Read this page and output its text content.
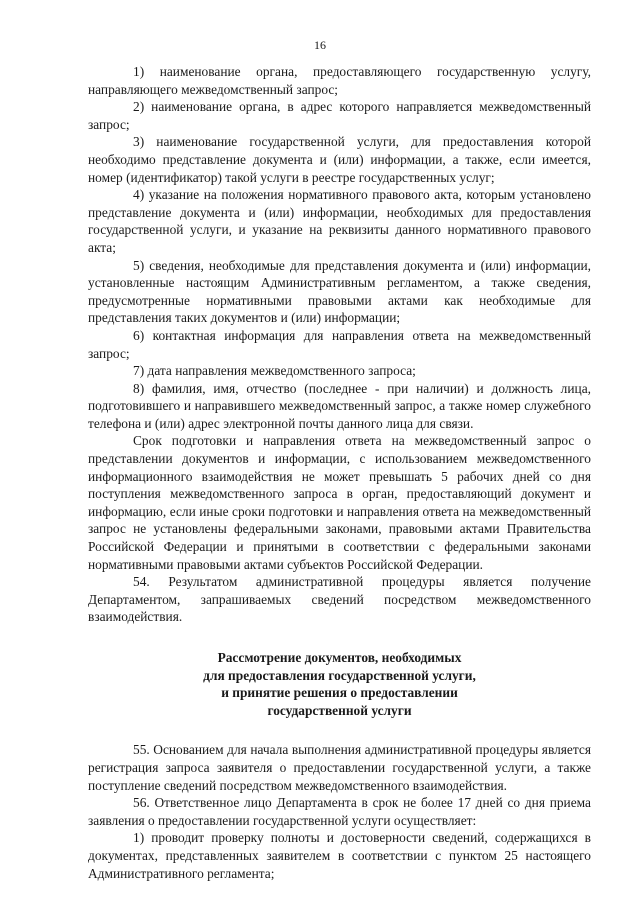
16

1) наименование органа, предоставляющего государственную услугу, направляющего межведомственный запрос;

2) наименование органа, в адрес которого направляется межведомственный запрос;

3) наименование государственной услуги, для предоставления которой необходимо представление документа и (или) информации, а также, если имеется, номер (идентификатор) такой услуги в реестре государственных услуг;

4) указание на положения нормативного правового акта, которым установлено представление документа и (или) информации, необходимых для предоставления государственной услуги, и указание на реквизиты данного нормативного правового акта;

5) сведения, необходимые для представления документа и (или) информации, установленные настоящим Административным регламентом, а также сведения, предусмотренные нормативными правовыми актами как необходимые для представления таких документов и (или) информации;

6) контактная информация для направления ответа на межведомственный запрос;

7) дата направления межведомственного запроса;

8) фамилия, имя, отчество (последнее - при наличии) и должность лица, подготовившего и направившего межведомственный запрос, а также номер служебного телефона и (или) адрес электронной почты данного лица для связи.

Срок подготовки и направления ответа на межведомственный запрос о представлении документов и информации, с использованием межведомственного информационного взаимодействия не может превышать 5 рабочих дней со дня поступления межведомственного запроса в орган, предоставляющий документ и информацию, если иные сроки подготовки и направления ответа на межведомственный запрос не установлены федеральными законами, правовыми актами Правительства Российской Федерации и принятыми в соответствии с федеральными законами нормативными правовыми актами субъектов Российской Федерации.

54. Результатом административной процедуры является получение Департаментом, запрашиваемых сведений посредством межведомственного взаимодействия.

Рассмотрение документов, необходимых

для предоставления государственной услуги,

и принятие решения о предоставлении

государственной услуги

55. Основанием для начала выполнения административной процедуры является регистрация запроса заявителя о предоставлении государственной услуги, а также поступление сведений посредством межведомственного взаимодействия.

56. Ответственное лицо Департамента в срок не более 17 дней со дня приема заявления о предоставлении государственной услуги осуществляет:

1) проводит проверку полноты и достоверности сведений, содержащихся в документах, представленных заявителем в соответствии с пунктом 25 настоящего Административного регламента;
